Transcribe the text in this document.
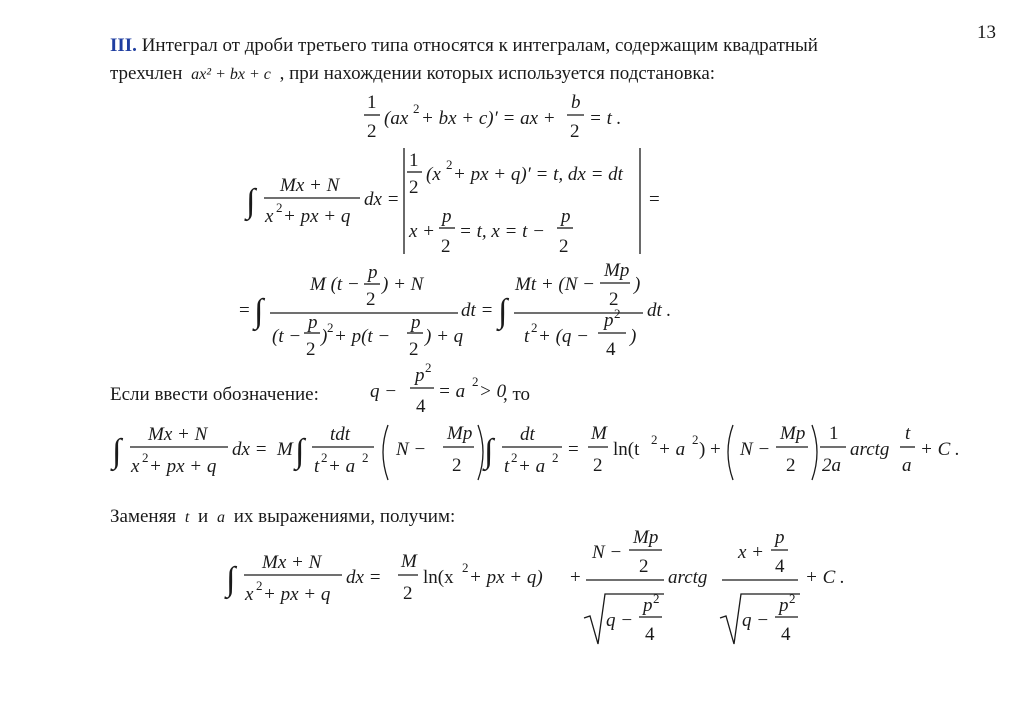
13

III. Интеграл от дроби третьего типа относятся к интегралам, содержащим квадратный

трехчлен ax² + bx + c , при нахождении которых используется подстановка:

1
2
(ax 2 + bx + c)′ = ax +
b
2
= t .
∫ Mx + N
x 2 + px + q
dx =
1
2
(x 2 + px + q)′ = t, dx = dt
x +
p
2
= t, x = t −
p
2
=
= ∫
M (t −
p
2
) + N
(t −
p
2
) 2 + p(t −
p
2
) + q
dt = ∫
Mt + (N −
Mp
2
)
t 2 + (q −
p 2
4
)
dt .
q −
p 2
4
= a 2 > 0
∫ Mx + N
x 2 + px + q
dx = M ∫ tdt
t 2 + a 2 N −
Mp
2 ∫ dt
t 2 + a 2 =
M
2
ln(t 2 + a 2 ) + N −
Mp
2
1
2a
arctg
t
a
+ C .
∫ Mx + N
x 2 + px + q
dx =
M
2
ln(x 2 + px + q) +
N −
Mp
2
q −
p 2
4
arctg
x +
p
4
q −
p 2
4
+ C .

Если ввести обозначение:	, то

Заменяя t и a их выражениями, получим:
